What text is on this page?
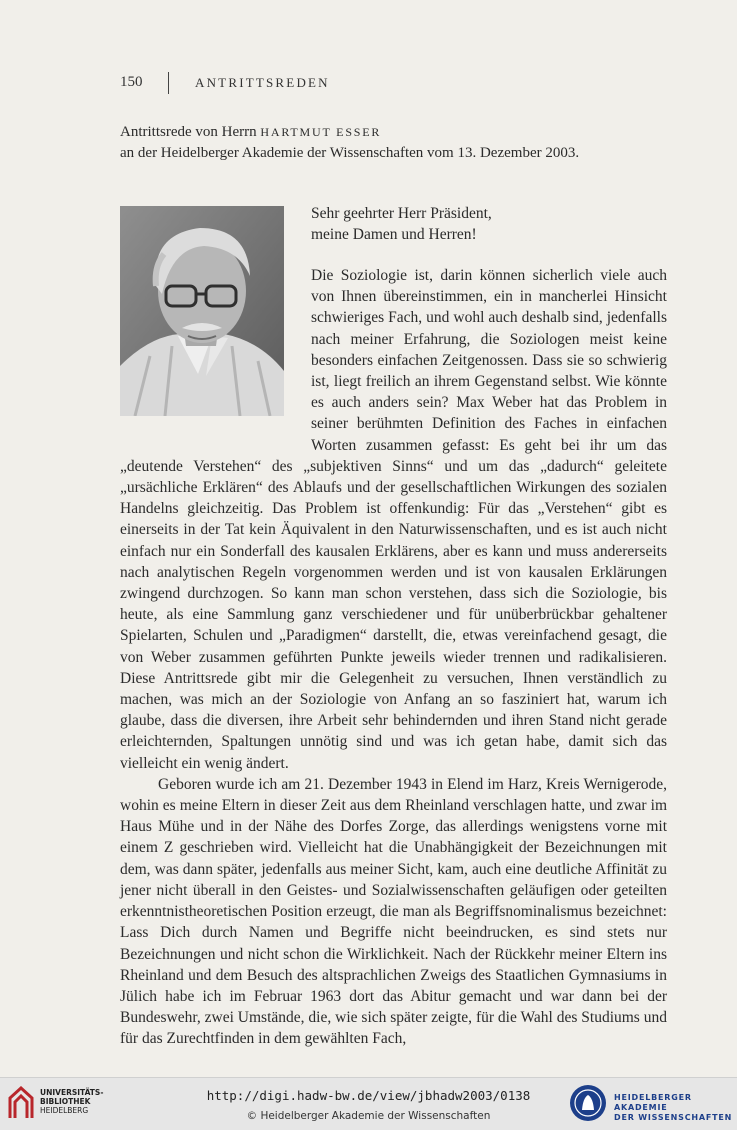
150	ANTRITTSREDEN
Antrittsrede von Herrn HARTMUT ESSER
an der Heidelberger Akademie der Wissenschaften vom 13. Dezember 2003.
Sehr geehrter Herr Präsident,
meine Damen und Herren!

Die Soziologie ist, darin können sicherlich viele auch von Ihnen übereinstimmen, ein in mancherlei Hinsicht schwieriges Fach, und wohl auch deshalb sind, jedenfalls nach meiner Erfahrung, die Soziologen meist keine besonders einfachen Zeitgenossen. Dass sie so schwierig ist, liegt freilich an ihrem Gegenstand selbst. Wie könnte es auch anders sein? Max Weber hat das Problem in seiner berühmten Definition des Faches in einfachen Worten zusammen gefasst: Es geht bei ihr um das „deutende Verstehen“ des „subjektiven Sinns“ und um das „dadurch“ geleitete „ursächliche Erklären“ des Ablaufs und der gesellschaftlichen Wirkungen des sozialen Handelns gleichzeitig. Das Problem ist offenkundig: Für das „Verstehen“ gibt es einerseits in der Tat kein Äquivalent in den Naturwissenschaften, und es ist auch nicht einfach nur ein Sonderfall des kausalen Erklärens, aber es kann und muss andererseits nach analytischen Regeln vorgenommen werden und ist von kausalen Erklärungen zwingend durchzogen. So kann man schon verstehen, dass sich die Soziologie, bis heute, als eine Sammlung ganz verschiedener und für unüberbrückbar gehaltener Spielarten, Schulen und „Paradigmen“ darstellt, die, etwas vereinfachend gesagt, die von Weber zusammen geführten Punkte jeweils wieder trennen und radikalisieren. Diese Antrittsrede gibt mir die Gelegenheit zu versuchen, Ihnen verständlich zu machen, was mich an der Soziologie von Anfang an so fasziniert hat, warum ich glaube, dass die diversen, ihre Arbeit sehr behindernden und ihren Stand nicht gerade erleichternden, Spaltungen unnötig sind und was ich getan habe, damit sich das vielleicht ein wenig ändert.

Geboren wurde ich am 21. Dezember 1943 in Elend im Harz, Kreis Wernigerode, wohin es meine Eltern in dieser Zeit aus dem Rheinland verschlagen hatte, und zwar im Haus Mühe und in der Nähe des Dorfes Zorge, das allerdings wenigstens vorne mit einem Z geschrieben wird. Vielleicht hat die Unabhängigkeit der Bezeichnungen mit dem, was dann später, jedenfalls aus meiner Sicht, kam, auch eine deutliche Affinität zu jener nicht überall in den Geistes- und Sozialwissenschaften geläufigen oder geteilten erkenntnistheoretischen Position erzeugt, die man als Begriffsnominalismus bezeichnet: Lass Dich durch Namen und Begriffe nicht beeindrucken, es sind stets nur Bezeichnungen und nicht schon die Wirklichkeit. Nach der Rückkehr meiner Eltern ins Rheinland und dem Besuch des altsprachlichen Zweigs des Staatlichen Gymnasiums in Jülich habe ich im Februar 1963 dort das Abitur gemacht und war dann bei der Bundeswehr, zwei Umstände, die, wie sich später zeigte, für die Wahl des Studiums und für das Zurechtfinden in dem gewählten Fach,

UNIVERSITÄTS-
BIBLIOTHEK
HEIDELBERG
http://digi.hadw-bw.de/view/jbhadw2003/0138
© Heidelberger Akademie der Wissenschaften
HEIDELBERGER AKADEMIE
DER WISSENSCHAFTEN
